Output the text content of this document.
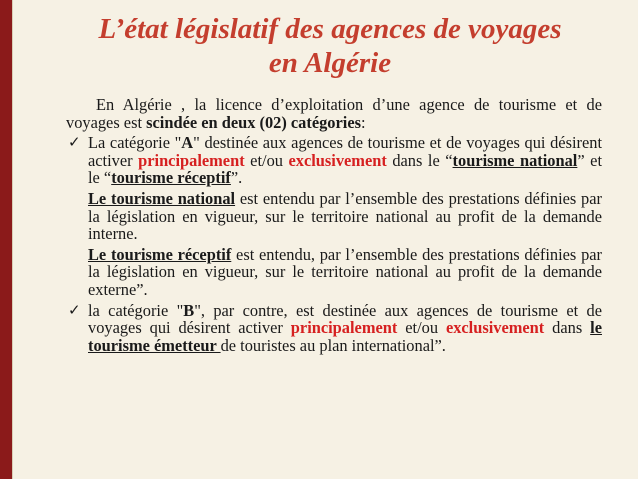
L’état législatif des agences de voyages
en Algérie

En Algérie , la licence d’exploitation d’une agence de tourisme et de voyages est scindée en deux (02) catégories:

✓ La catégorie "A" destinée aux agences de tourisme et de voyages qui désirent activer principalement et/ou exclusivement dans le “tourisme national” et le “tourisme réceptif”.

Le tourisme national est entendu par l’ensemble des prestations définies par la législation en vigueur, sur le territoire national au profit de la demande interne.

Le tourisme réceptif est entendu, par l’ensemble des prestations définies par la législation en vigueur, sur le territoire national au profit de la demande externe”.

✓ la catégorie "B", par contre, est destinée aux agences de tourisme et de voyages qui désirent activer principalement et/ou exclusivement dans le tourisme émetteur de touristes au plan international”.
